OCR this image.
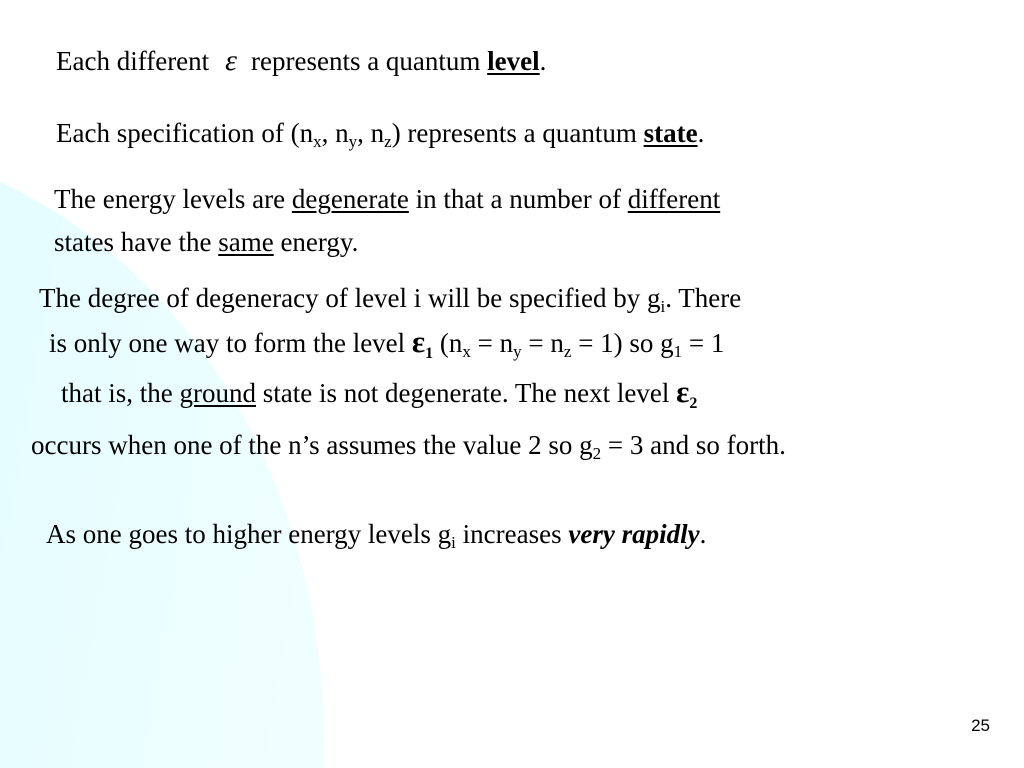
Each different ε represents a quantum level.
Each specification of ($n_x$, $n_y$, $n_z$) represents a quantum state.
The energy levels are degenerate in that a number of different
states have the same energy.
The degree of degeneracy of level i will be specified by $g_i$. There
is only one way to form the level $\varepsilon_1$ $(n_x = n_y = n_z = 1)$ so $g_1 = 1$
that is, the ground state is not degenerate. The next level $\varepsilon_2$
occurs when one of the n’s assumes the value 2 so $g_2 = 3$ and so forth.
As one goes to higher energy levels $g_i$ increases very rapidly.
25
